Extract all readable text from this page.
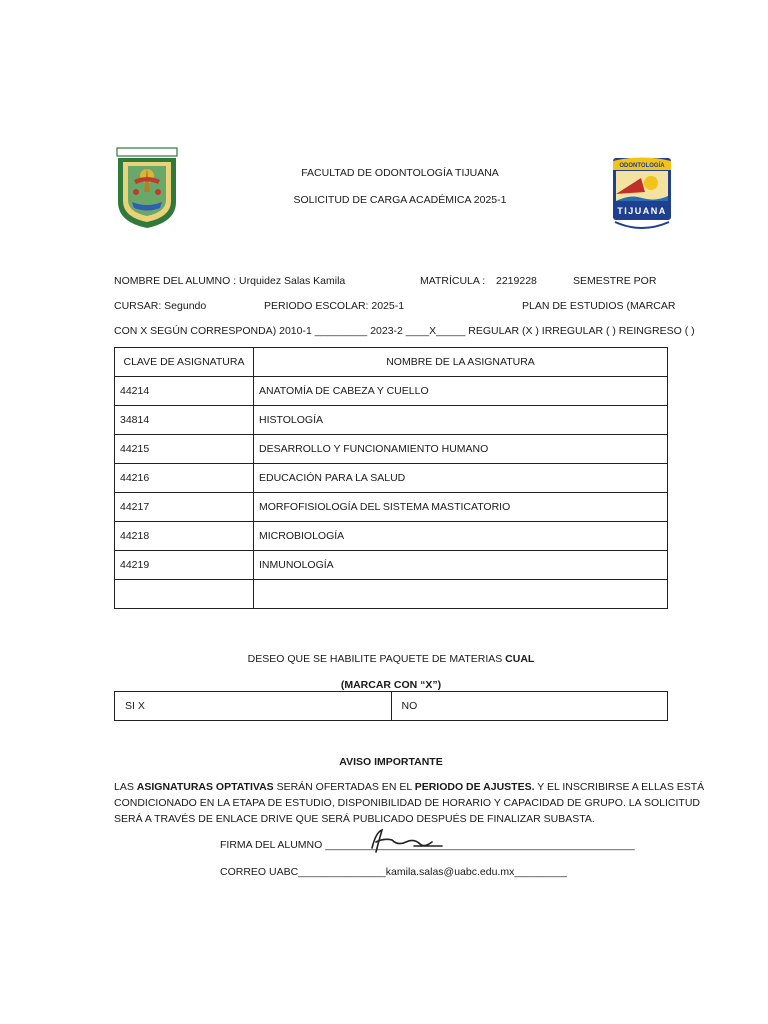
ODONTOLOGÍA
TIJUANA
FACULTAD DE ODONTOLOGÍA TIJUANA
SOLICITUD DE CARGA ACADÉMICA 2025-1
NOMBRE DEL ALUMNO : Urquidez Salas Kamila	MATRÍCULA : 2219228	SEMESTRE POR
CURSAR: Segundo	PERIODO ESCOLAR: 2025-1	PLAN DE ESTUDIOS (MARCAR
CON X SEGÚN CORRESPONDA) 2010-1 _________ 2023-2 ____X_____ REGULAR (X ) IRREGULAR ( ) REINGRESO ( )
CLAVE DE ASIGNATURA	NOMBRE DE LA ASIGNATURA
44214	ANATOMÍA DE CABEZA Y CUELLO
34814	HISTOLOGÍA
44215	DESARROLLO Y FUNCIONAMIENTO HUMANO
44216	EDUCACIÓN PARA LA SALUD
44217	MORFOFISIOLOGÍA DEL SISTEMA MASTICATORIO
44218	MICROBIOLOGÍA
44219	INMUNOLOGÍA

DESEO QUE SE HABILITE PAQUETE DE MATERIAS CUAL
(MARCAR CON “X”)
SI X	NO
AVISO IMPORTANTE
LAS ASIGNATURAS OPTATIVAS SERÁN OFERTADAS EN EL PERIODO DE AJUSTES. Y EL INSCRIBIRSE A ELLAS ESTÁ
CONDICIONADO EN LA ETAPA DE ESTUDIO, DISPONIBILIDAD DE HORARIO Y CAPACIDAD DE GRUPO. LA SOLICITUD
SERÁ A TRAVÉS DE ENLACE DRIVE QUE SERÁ PUBLICADO DESPUÉS DE FINALIZAR SUBASTA.
FIRMA DEL ALUMNO _____________________________________________________
CORREO UABC_______________kamila.salas@uabc.edu.mx_________
